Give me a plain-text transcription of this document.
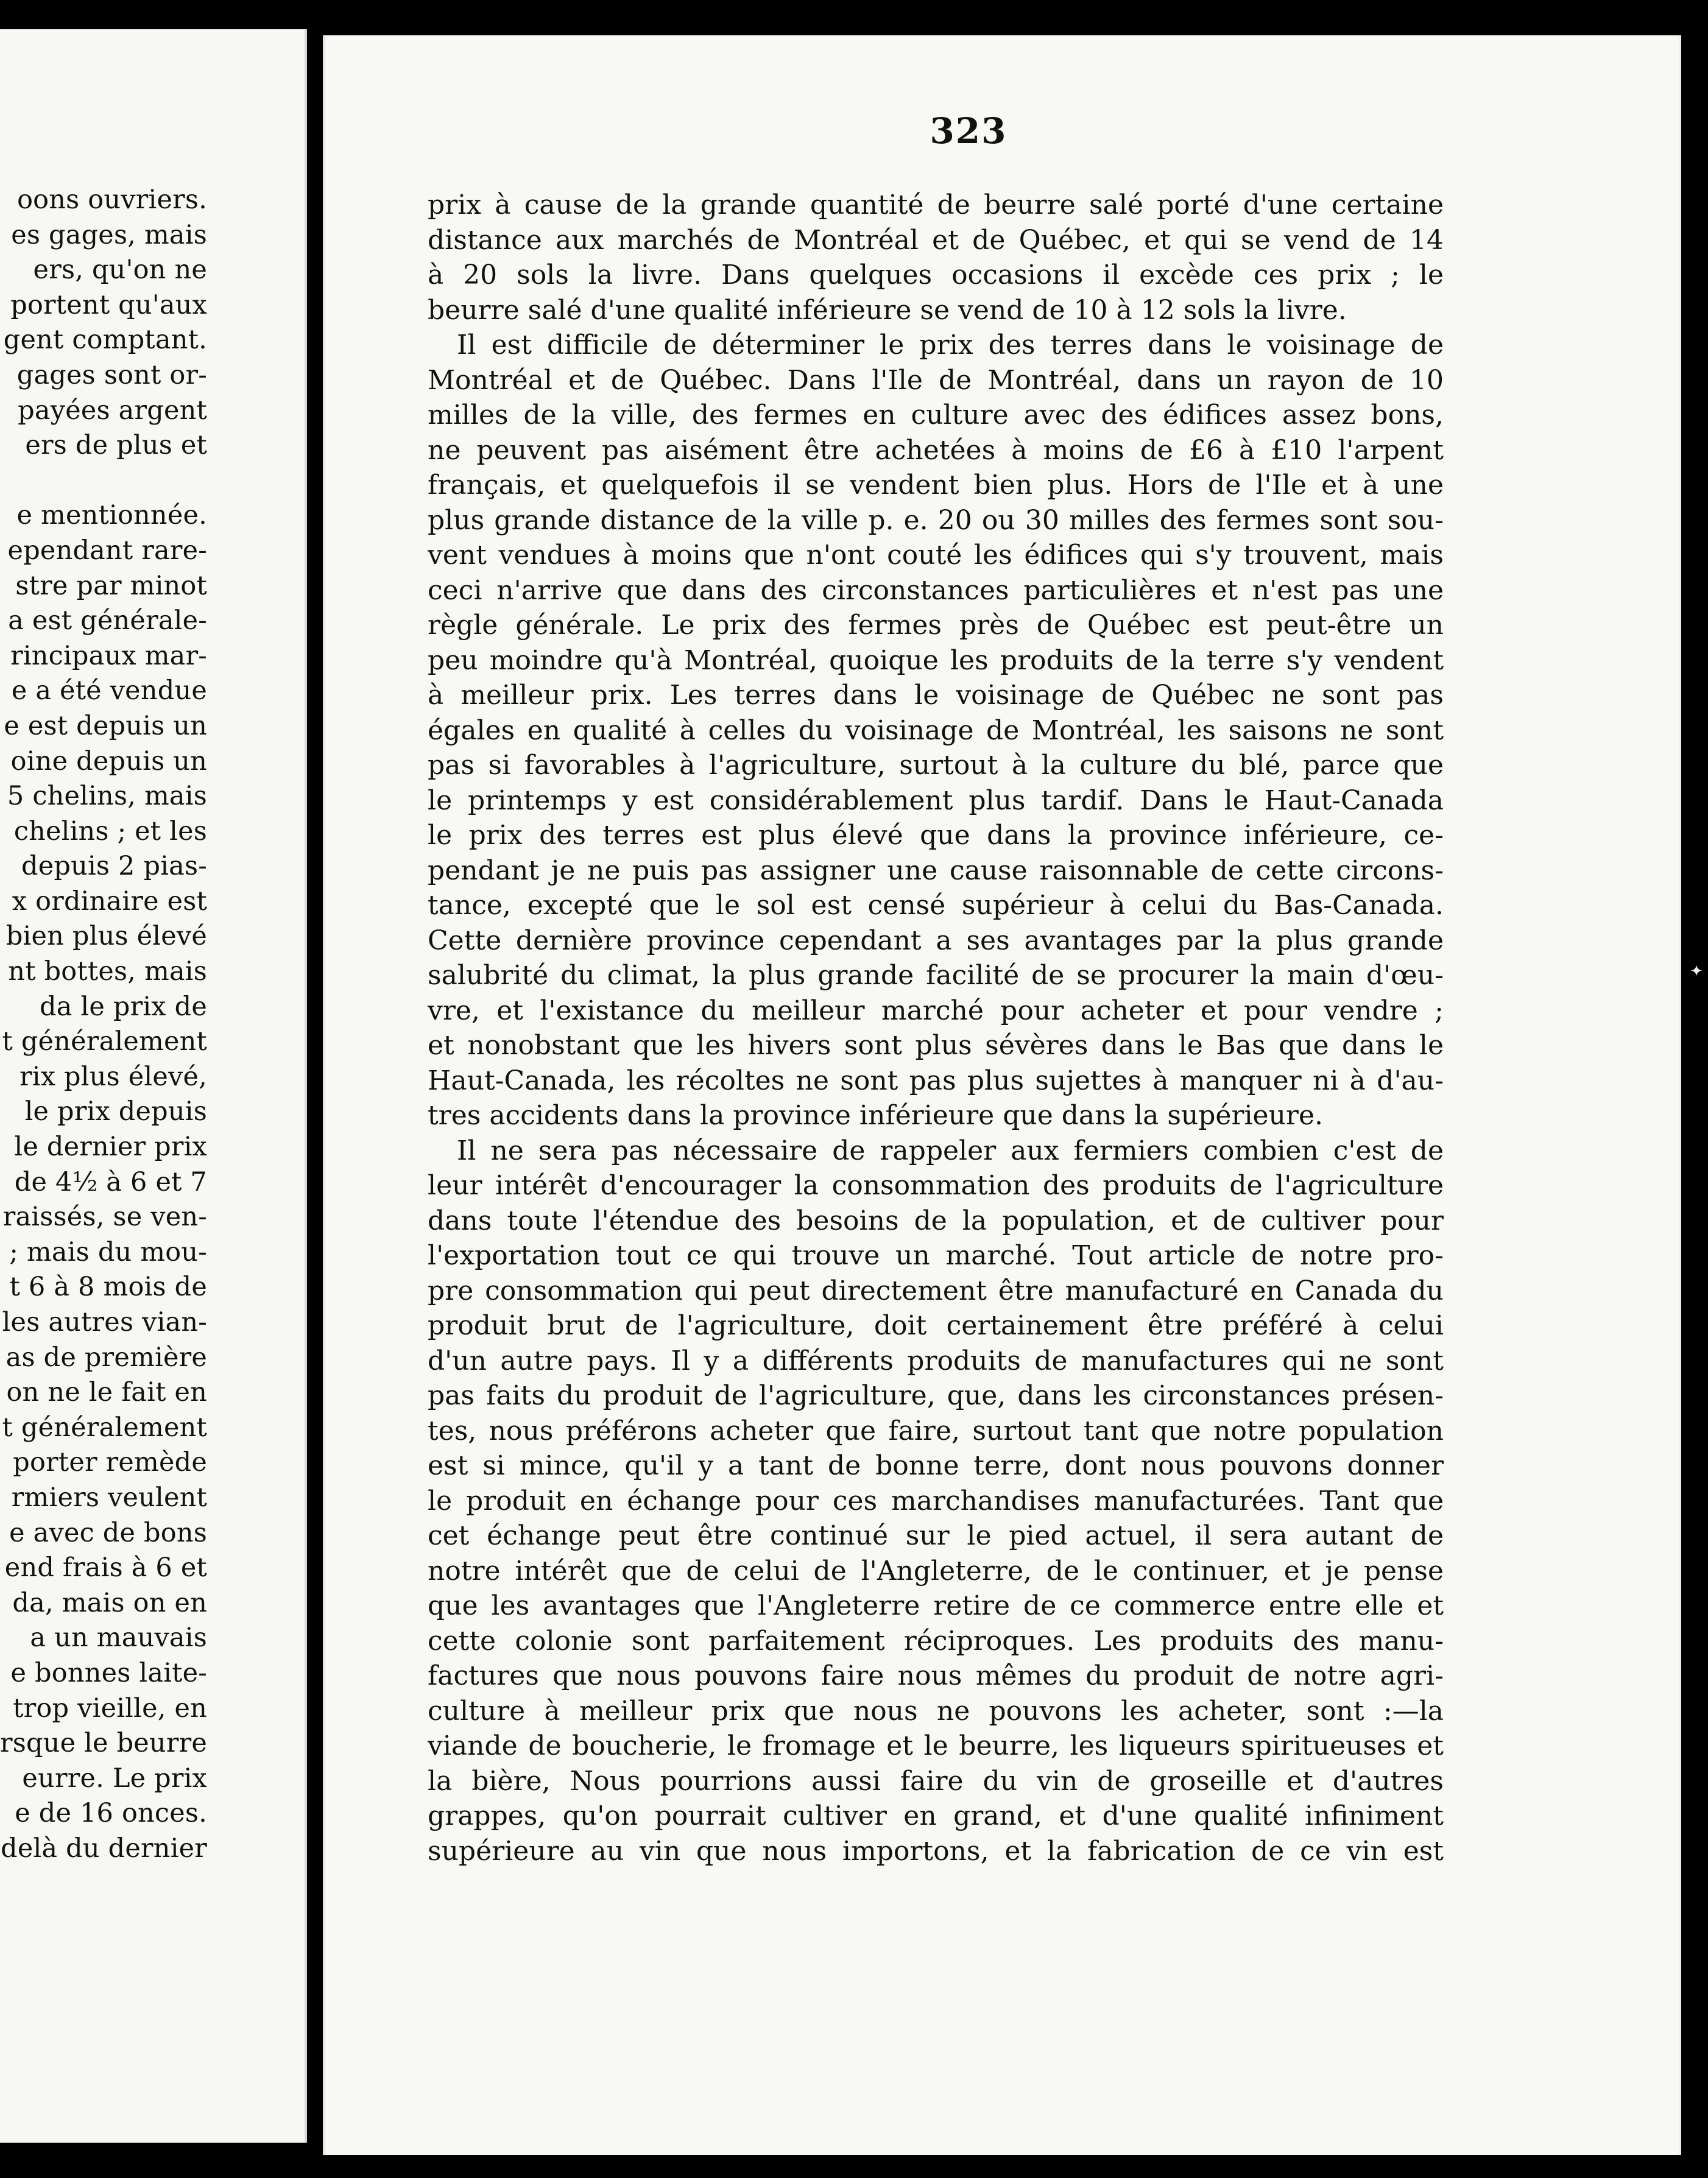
oons ouvriers.
es gages, mais
ers, qu'on ne
portent qu'aux
gent comptant.
gages sont or-
payées argent
ers de plus et
e mentionnée.
ependant rare-
stre par minot
a est générale-
rincipaux mar-
e a été vendue
e est depuis un
oine depuis un
5 chelins, mais
chelins ; et les
depuis 2 pias-
x ordinaire est
bien plus élevé
nt bottes, mais
da le prix de
t généralement
rix plus élevé,
le prix depuis
le dernier prix
de 4½ à 6 et 7
raissés, se ven-
; mais du mou-
t 6 à 8 mois de
les autres vian-
as de première
on ne le fait en
t généralement
porter remède
rmiers veulent
e avec de bons
end frais à 6 et
da, mais on en
a un mauvais
e bonnes laite-
trop vieille, en
rsque le beurre
eurre. Le prix
e de 16 onces.
delà du dernier
323
prix à cause de la grande quantité de beurre salé porté d'une certaine
distance aux marchés de Montréal et de Québec, et qui se vend de 14
à 20 sols la livre. Dans quelques occasions il excède ces prix ; le
beurre salé d'une qualité inférieure se vend de 10 à 12 sols la livre.
Il est difficile de déterminer le prix des terres dans le voisinage de
Montréal et de Québec. Dans l'Ile de Montréal, dans un rayon de 10
milles de la ville, des fermes en culture avec des édifices assez bons,
ne peuvent pas aisément être achetées à moins de £6 à £10 l'arpent
français, et quelquefois il se vendent bien plus. Hors de l'Ile et à une
plus grande distance de la ville p. e. 20 ou 30 milles des fermes sont sou-
vent vendues à moins que n'ont couté les édifices qui s'y trouvent, mais
ceci n'arrive que dans des circonstances particulières et n'est pas une
règle générale. Le prix des fermes près de Québec est peut-être un
peu moindre qu'à Montréal, quoique les produits de la terre s'y vendent
à meilleur prix. Les terres dans le voisinage de Québec ne sont pas
égales en qualité à celles du voisinage de Montréal, les saisons ne sont
pas si favorables à l'agriculture, surtout à la culture du blé, parce que
le printemps y est considérablement plus tardif. Dans le Haut-Canada
le prix des terres est plus élevé que dans la province inférieure, ce-
pendant je ne puis pas assigner une cause raisonnable de cette circons-
tance, excepté que le sol est censé supérieur à celui du Bas-Canada.
Cette dernière province cependant a ses avantages par la plus grande
salubrité du climat, la plus grande facilité de se procurer la main d'œu-
vre, et l'existance du meilleur marché pour acheter et pour vendre ;
et nonobstant que les hivers sont plus sévères dans le Bas que dans le
Haut-Canada, les récoltes ne sont pas plus sujettes à manquer ni à d'au-
tres accidents dans la province inférieure que dans la supérieure.
Il ne sera pas nécessaire de rappeler aux fermiers combien c'est de
leur intérêt d'encourager la consommation des produits de l'agriculture
dans toute l'étendue des besoins de la population, et de cultiver pour
l'exportation tout ce qui trouve un marché. Tout article de notre pro-
pre consommation qui peut directement être manufacturé en Canada du
produit brut de l'agriculture, doit certainement être préféré à celui
d'un autre pays. Il y a différents produits de manufactures qui ne sont
pas faits du produit de l'agriculture, que, dans les circonstances présen-
tes, nous préférons acheter que faire, surtout tant que notre population
est si mince, qu'il y a tant de bonne terre, dont nous pouvons donner
le produit en échange pour ces marchandises manufacturées. Tant que
cet échange peut être continué sur le pied actuel, il sera autant de
notre intérêt que de celui de l'Angleterre, de le continuer, et je pense
que les avantages que l'Angleterre retire de ce commerce entre elle et
cette colonie sont parfaitement réciproques. Les produits des manu-
factures que nous pouvons faire nous mêmes du produit de notre agri-
culture à meilleur prix que nous ne pouvons les acheter, sont :—la
viande de boucherie, le fromage et le beurre, les liqueurs spiritueuses et
la bière, Nous pourrions aussi faire du vin de groseille et d'autres
grappes, qu'on pourrait cultiver en grand, et d'une qualité infiniment
supérieure au vin que nous importons, et la fabrication de ce vin est
✦
